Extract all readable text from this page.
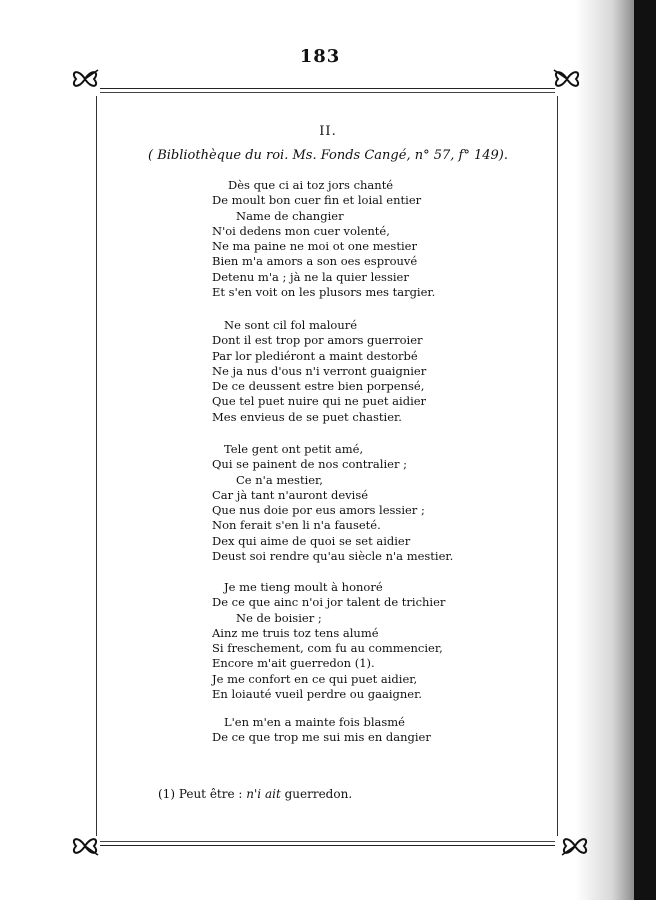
183
II.
( Bibliothèque du roi. Ms. Fonds Cangé, n° 57, f° 149).
Dès que ci ai toz jors chanté
De moult bon cuer fin et loial entier
Name de changier
N'oi dedens mon cuer volenté,
Ne ma paine ne moi ot one mestier
Bien m'a amors a son oes esprouvé
Detenu m'a ; jà ne la quier lessier
Et s'en voit on les plusors mes targier.
Ne sont cil fol malouré
Dont il est trop por amors guerroier
Par lor plediéront a maint destorbé
Ne ja nus d'ous n'i verront guaignier
De ce deussent estre bien porpensé,
Que tel puet nuire qui ne puet aidier
Mes envieus de se puet chastier.
Tele gent ont petit amé,
Qui se painent de nos contralier ;
Ce n'a mestier,
Car jà tant n'auront devisé
Que nus doie por eus amors lessier ;
Non ferait s'en li n'a fauseté.
Dex qui aime de quoi se set aidier
Deust soi rendre qu'au siècle n'a mestier.
Je me tieng moult à honoré
De ce que ainc n'oi jor talent de trichier
Ne de boisier ;
Ainz me truis toz tens alumé
Si freschement, com fu au commencier,
Encore m'ait guerredon (1).
Je me confort en ce qui puet aidier,
En loiauté vueil perdre ou gaaigner.
L'en m'en a mainte fois blasmé
De ce que trop me sui mis en dangier
(1) Peut être : n'i ait guerredon.
